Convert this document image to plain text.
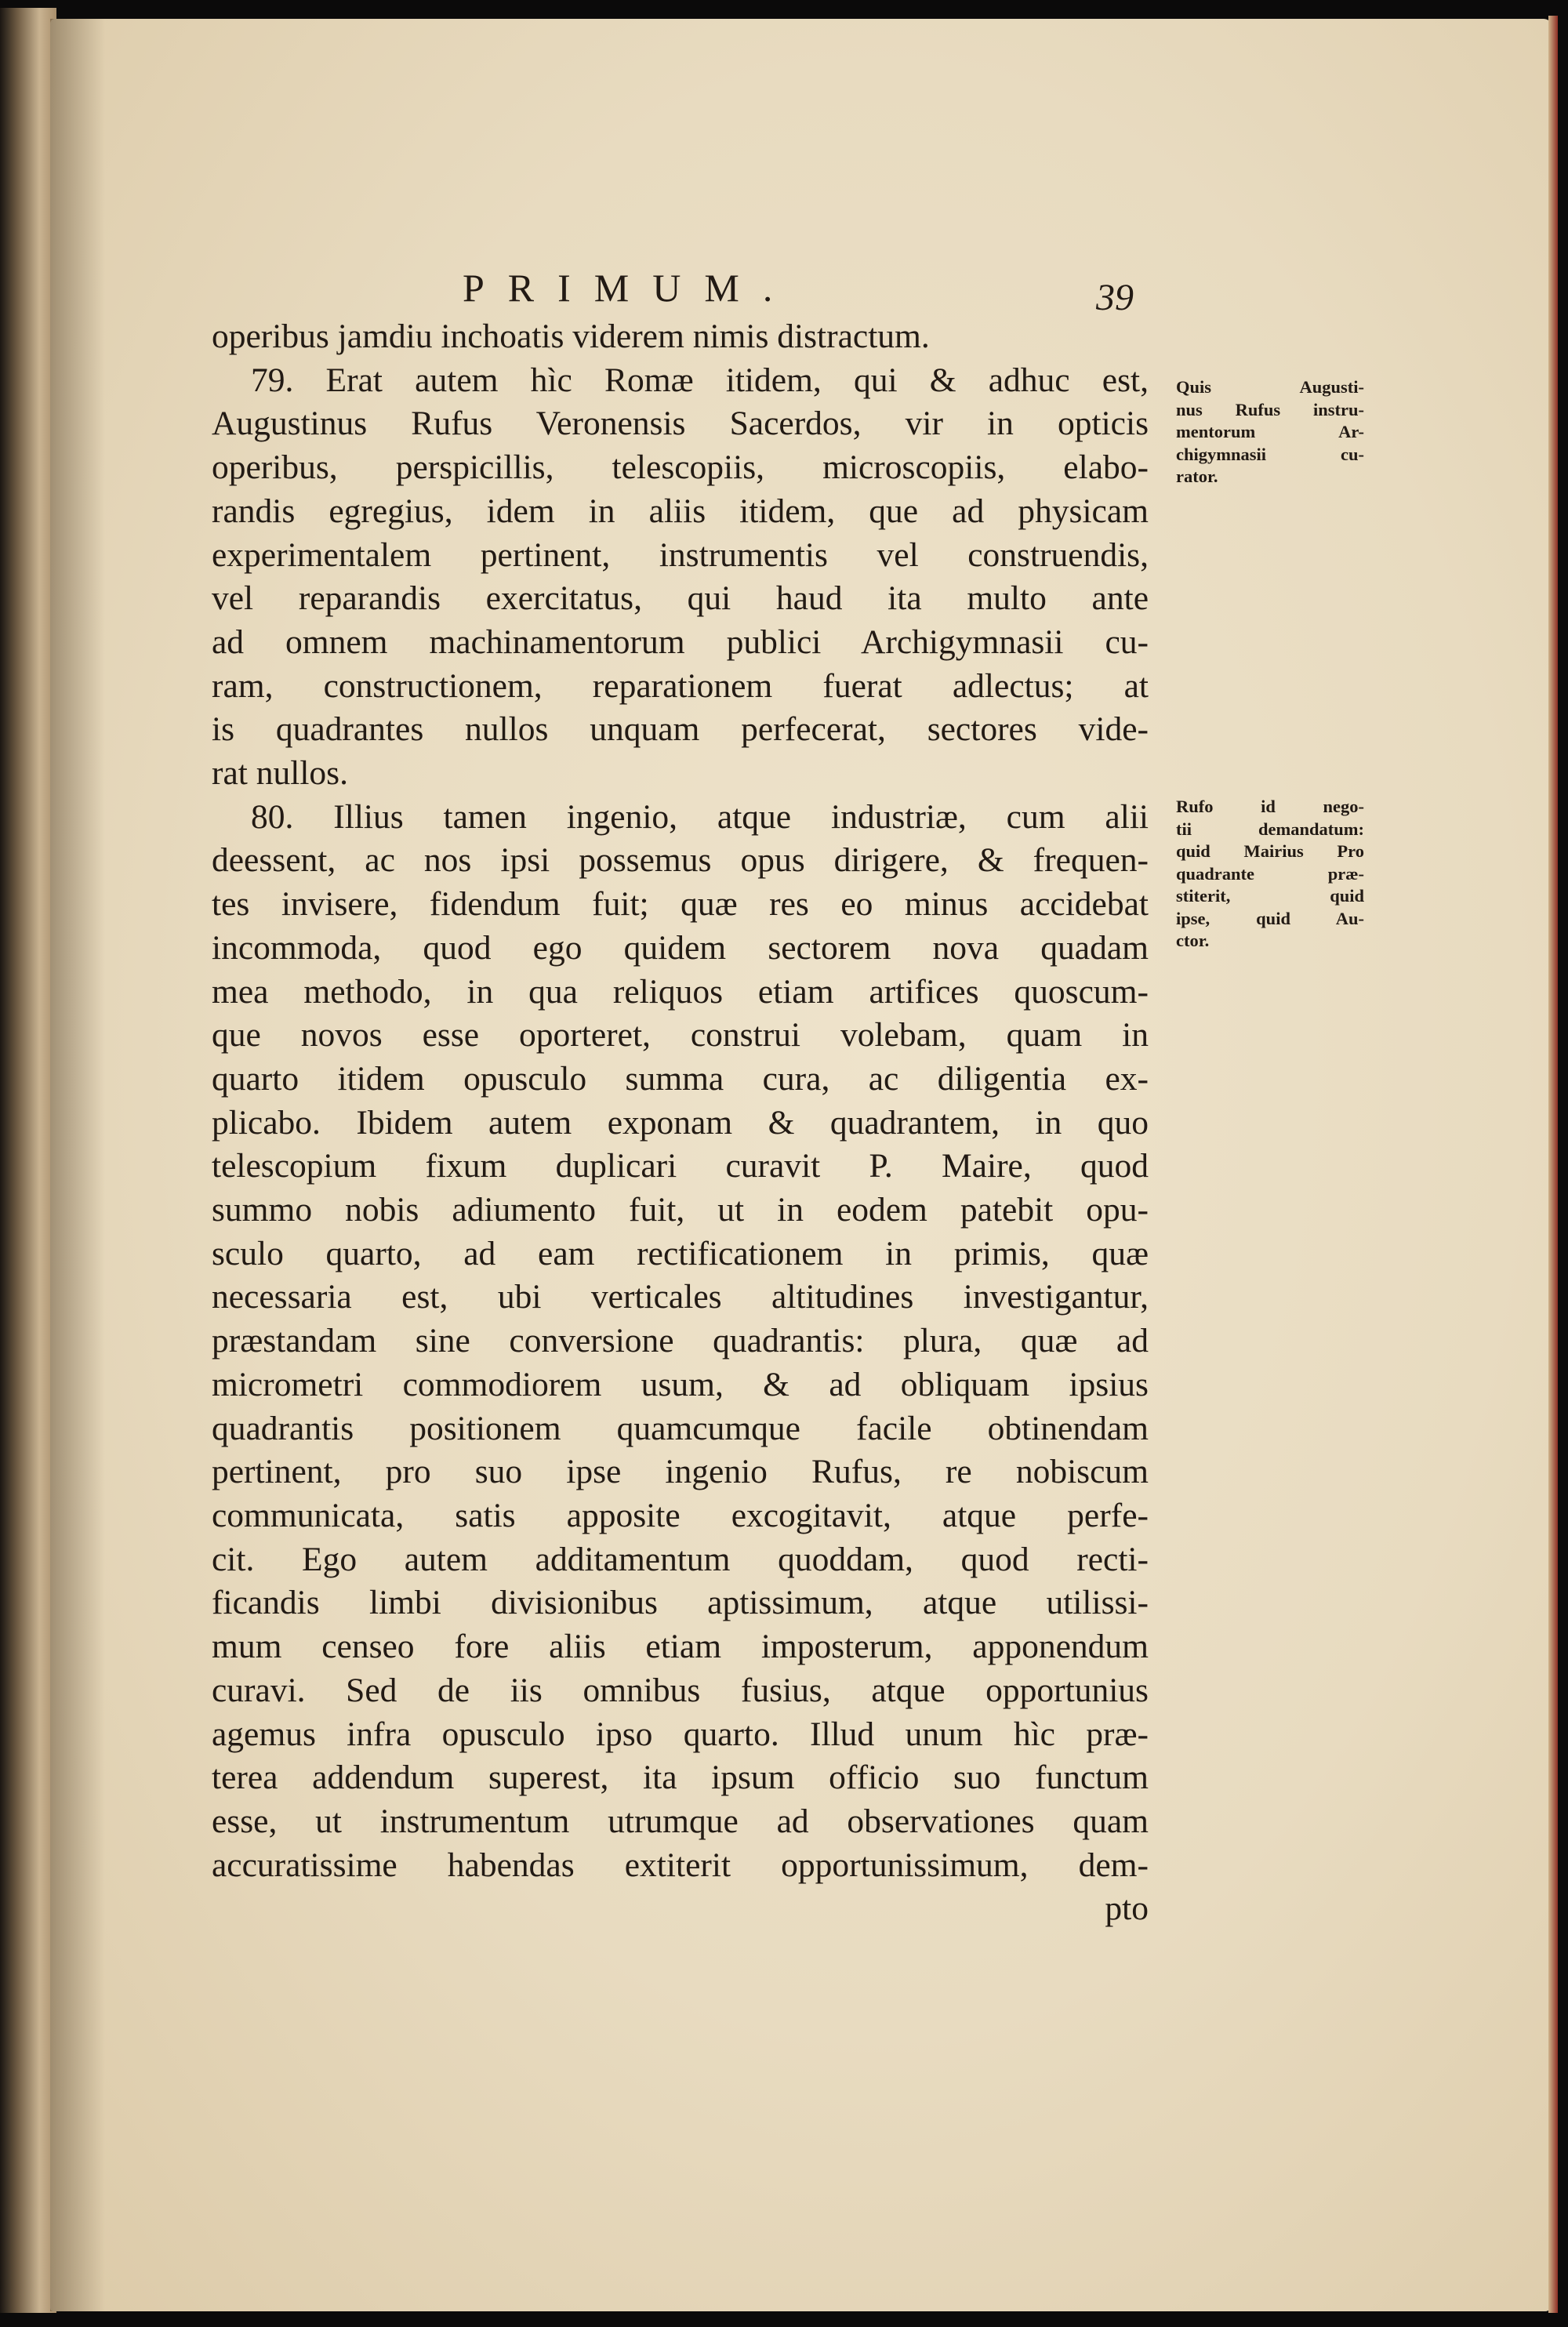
PRIMUM.	39
operibus jamdiu inchoatis viderem nimis distractum.
79. Erat autem hìc Romæ itidem, qui & adhuc est,
Augustinus Rufus Veronensis Sacerdos, vir in opticis
operibus, perspicillis, telescopiis, microscopiis, elabo-
randis egregius, idem in aliis itidem, que ad physicam
experimentalem pertinent, instrumentis vel construendis,
vel reparandis exercitatus, qui haud ita multo ante
ad omnem machinamentorum publici Archigymnasii cu-
ram, constructionem, reparationem fuerat adlectus; at
is quadrantes nullos unquam perfecerat, sectores vide-
rat nullos.
80. Illius tamen ingenio, atque industriæ, cum alii
deessent, ac nos ipsi possemus opus dirigere, & frequen-
tes invisere, fidendum fuit; quæ res eo minus accidebat
incommoda, quod ego quidem sectorem nova quadam
mea methodo, in qua reliquos etiam artifices quoscum-
que novos esse oporteret, construi volebam, quam in
quarto itidem opusculo summa cura, ac diligentia ex-
plicabo. Ibidem autem exponam & quadrantem, in quo
telescopium fixum duplicari curavit P. Maire, quod
summo nobis adiumento fuit, ut in eodem patebit opu-
sculo quarto, ad eam rectificationem in primis, quæ
necessaria est, ubi verticales altitudines investigantur,
præstandam sine conversione quadrantis: plura, quæ ad
micrometri commodiorem usum, & ad obliquam ipsius
quadrantis positionem quamcumque facile obtinendam
pertinent, pro suo ipse ingenio Rufus, re nobiscum
communicata, satis apposite excogitavit, atque perfe-
cit. Ego autem additamentum quoddam, quod recti-
ficandis limbi divisionibus aptissimum, atque utilissi-
mum censeo fore aliis etiam imposterum, apponendum
curavi. Sed de iis omnibus fusius, atque opportunius
agemus infra opusculo ipso quarto. Illud unum hìc præ-
terea addendum superest, ita ipsum officio suo functum
esse, ut instrumentum utrumque ad observationes quam
accuratissime habendas extiterit opportunissimum, dem-
pto
Quis Augusti-
nus Rufus instru-
mentorum Ar-
chigymnasii cu-
rator.
Rufo id nego-
tii demandatum:
quid Mairius Pro
quadrante præ-
stiterit, quid
ipse, quid Au-
ctor.
